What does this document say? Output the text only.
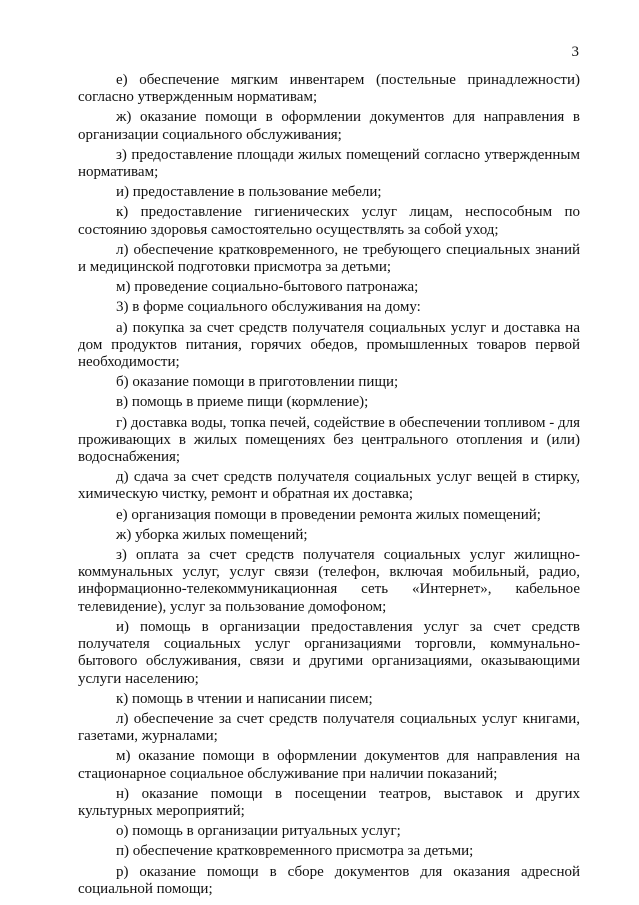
3

е) обеспечение мягким инвентарем (постельные принадлежности) согласно утвержденным нормативам;

ж) оказание помощи в оформлении документов для направления в организации социального обслуживания;

з) предоставление площади жилых помещений согласно утвержденным нормативам;

и) предоставление в пользование мебели;

к) предоставление гигиенических услуг лицам, неспособным по состоянию здоровья самостоятельно осуществлять за собой уход;

л) обеспечение кратковременного, не требующего специальных знаний и медицинской подготовки присмотра за детьми;

м) проведение социально-бытового патронажа;

3) в форме социального обслуживания на дому:

а) покупка за счет средств получателя социальных услуг и доставка на дом продуктов питания, горячих обедов, промышленных товаров первой необходимости;

б) оказание помощи в приготовлении пищи;

в) помощь в приеме пищи (кормление);

г) доставка воды, топка печей, содействие в обеспечении топливом - для проживающих в жилых помещениях без центрального отопления и (или) водоснабжения;

д) сдача за счет средств получателя социальных услуг вещей в стирку, химическую чистку, ремонт и обратная их доставка;

е) организация помощи в проведении ремонта жилых помещений;

ж) уборка жилых помещений;

з) оплата за счет средств получателя социальных услуг жилищно-коммунальных услуг, услуг связи (телефон, включая мобильный, радио, информационно-телекоммуникационная сеть «Интернет», кабельное телевидение), услуг за пользование домофоном;

и) помощь в организации предоставления услуг за счет средств получателя социальных услуг организациями торговли, коммунально-бытового обслуживания, связи и другими организациями, оказывающими услуги населению;

к) помощь в чтении и написании писем;

л) обеспечение за счет средств получателя социальных услуг книгами, газетами, журналами;

м) оказание помощи в оформлении документов для направления на стационарное социальное обслуживание при наличии показаний;

н) оказание помощи в посещении театров, выставок и других культурных мероприятий;

о) помощь в организации ритуальных услуг;

п) обеспечение кратковременного присмотра за детьми;

р) оказание помощи в сборе документов для оказания адресной социальной помощи;
